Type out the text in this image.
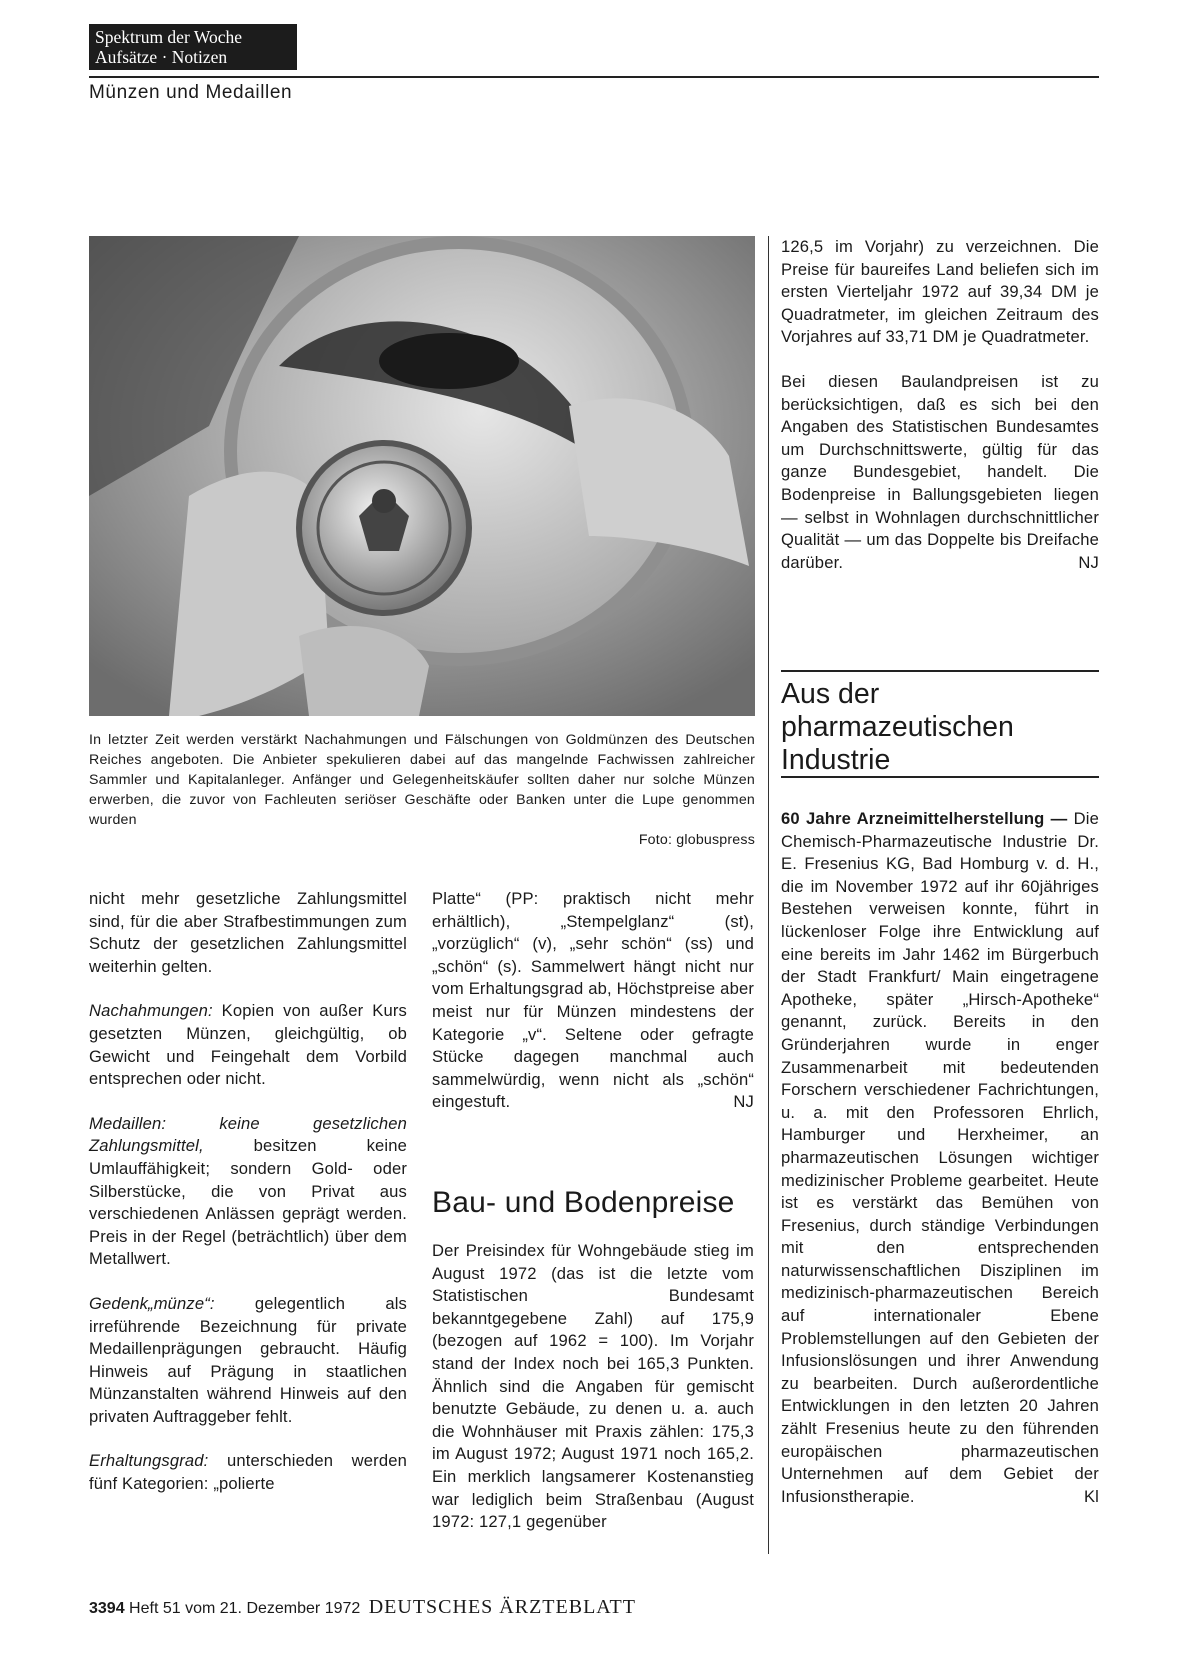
Spektrum der Woche
Aufsätze · Notizen
Münzen und Medaillen
In letzter Zeit werden verstärkt Nachahmungen und Fälschungen von Goldmünzen des Deutschen Reiches angeboten. Die Anbieter spekulieren dabei auf das mangelnde Fachwissen zahlreicher Sammler und Kapitalanleger. Anfänger und Gelegenheitskäufer sollten daher nur solche Münzen erwerben, die zuvor von Fachleuten seriöser Geschäfte oder Banken unter die Lupe genommen wurden
Foto: globuspress

nicht mehr gesetzliche Zahlungsmittel sind, für die aber Strafbestimmungen zum Schutz der gesetzlichen Zahlungsmittel weiterhin gelten.

Nachahmungen: Kopien von außer Kurs gesetzten Münzen, gleichgültig, ob Gewicht und Feingehalt dem Vorbild entsprechen oder nicht.

Medaillen: keine gesetzlichen Zahlungsmittel, besitzen keine Umlauffähigkeit; sondern Gold- oder Silberstücke, die von Privat aus verschiedenen Anlässen geprägt werden. Preis in der Regel (beträchtlich) über dem Metallwert.

Gedenk„münze“: gelegentlich als irreführende Bezeichnung für private Medaillenprägungen gebraucht. Häufig Hinweis auf Prägung in staatlichen Münzanstalten während Hinweis auf den privaten Auftraggeber fehlt.

Erhaltungsgrad: unterschieden werden fünf Kategorien: „polierte

Platte“ (PP: praktisch nicht mehr erhältlich), „Stempelglanz“ (st), „vorzüglich“ (v), „sehr schön“ (ss) und „schön“ (s). Sammelwert hängt nicht nur vom Erhaltungsgrad ab, Höchstpreise aber meist nur für Münzen mindestens der Kategorie „v“. Seltene oder gefragte Stücke dagegen manchmal auch sammelwürdig, wenn nicht als „schön“ eingestuft.	NJ

Bau- und Bodenpreise

Der Preisindex für Wohngebäude stieg im August 1972 (das ist die letzte vom Statistischen Bundesamt bekanntgegebene Zahl) auf 175,9 (bezogen auf 1962 = 100). Im Vorjahr stand der Index noch bei 165,3 Punkten. Ähnlich sind die Angaben für gemischt benutzte Gebäude, zu denen u. a. auch die Wohnhäuser mit Praxis zählen: 175,3 im August 1972; August 1971 noch 165,2. Ein merklich langsamerer Kostenanstieg war lediglich beim Straßenbau (August 1972: 127,1 gegenüber

126,5 im Vorjahr) zu verzeichnen. Die Preise für baureifes Land beliefen sich im ersten Vierteljahr 1972 auf 39,34 DM je Quadratmeter, im gleichen Zeitraum des Vorjahres auf 33,71 DM je Quadratmeter.

Bei diesen Baulandpreisen ist zu berücksichtigen, daß es sich bei den Angaben des Statistischen Bundesamtes um Durchschnittswerte, gültig für das ganze Bundesgebiet, handelt. Die Bodenpreise in Ballungsgebieten liegen — selbst in Wohnlagen durchschnittlicher Qualität — um das Doppelte bis Dreifache darüber.	NJ

Aus der pharmazeutischen Industrie

60 Jahre Arzneimittelherstellung — Die Chemisch-Pharmazeutische Industrie Dr. E. Fresenius KG, Bad Homburg v. d. H., die im November 1972 auf ihr 60jähriges Bestehen verweisen konnte, führt in lückenloser Folge ihre Entwicklung auf eine bereits im Jahr 1462 im Bürgerbuch der Stadt Frankfurt/ Main eingetragene Apotheke, später „Hirsch-Apotheke“ genannt, zurück. Bereits in den Gründerjahren wurde in enger Zusammenarbeit mit bedeutenden Forschern verschiedener Fachrichtungen, u. a. mit den Professoren Ehrlich, Hamburger und Herxheimer, an pharmazeutischen Lösungen wichtiger medizinischer Probleme gearbeitet. Heute ist es verstärkt das Bemühen von Fresenius, durch ständige Verbindungen mit den entsprechenden naturwissenschaftlichen Disziplinen im medizinisch-pharmazeutischen Bereich auf internationaler Ebene Problemstellungen auf den Gebieten der Infusionslösungen und ihrer Anwendung zu bearbeiten. Durch außerordentliche Entwicklungen in den letzten 20 Jahren zählt Fresenius heute zu den führenden europäischen pharmazeutischen Unternehmen auf dem Gebiet der Infusionstherapie.	Kl

3394 Heft 51 vom 21. Dezember 1972 DEUTSCHES ÄRZTEBLATT
